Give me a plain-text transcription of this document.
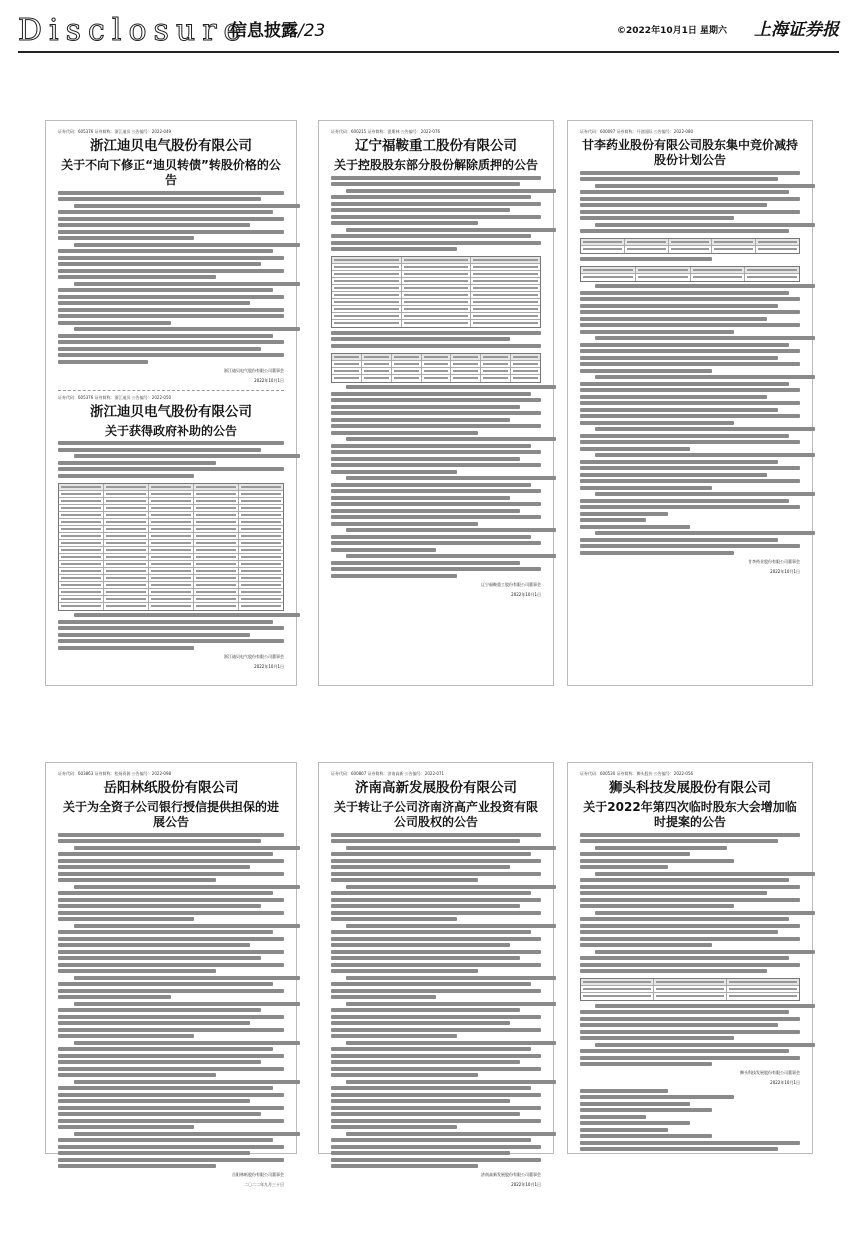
Disclosure
信息披露/23	©2022年10月1日 星期六 上海证券报
证券代码：605376 证券简称：浙江迪贝 公告编号：2022-049
浙江迪贝电气股份有限公司
关于不向下修正“迪贝转债”转股价格的公告
浙江迪贝电气股份有限公司董事会
2022年10月1日
证券代码：605376 证券简称：浙江迪贝 公告编号：2022-050
浙江迪贝电气股份有限公司
关于获得政府补助的公告
浙江迪贝电气股份有限公司董事会
2022年10月1日
证券代码：600215 证券简称：派斯林 公告编号：2022-076
辽宁福鞍重工股份有限公司
关于控股股东部分股份解除质押的公告
辽宁福鞍重工股份有限公司董事会
2022年10月1日
证券代码：600097 证券简称：开创国际 公告编号：2022-080
甘李药业股份有限公司股东集中竞价减持股份计划公告
甘李药业股份有限公司董事会
2022年10月1日
证券代码：603863 证券简称：松炀资源 公告编号：2022-098
岳阳林纸股份有限公司
关于为全资子公司银行授信提供担保的进展公告
岳阳林纸股份有限公司董事会
二〇二二年九月三十日
证券代码：600807 证券简称：济南高新 公告编号：2022-071
济南高新发展股份有限公司
关于转让子公司济南济高产业投资有限公司股权的公告
济南高新发展股份有限公司董事会
2022年10月1日
证券代码：600530 证券简称：狮头股份 公告编号：2022-056
狮头科技发展股份有限公司
关于2022年第四次临时股东大会增加临时提案的公告
狮头科技发展股份有限公司董事会
2022年10月1日
